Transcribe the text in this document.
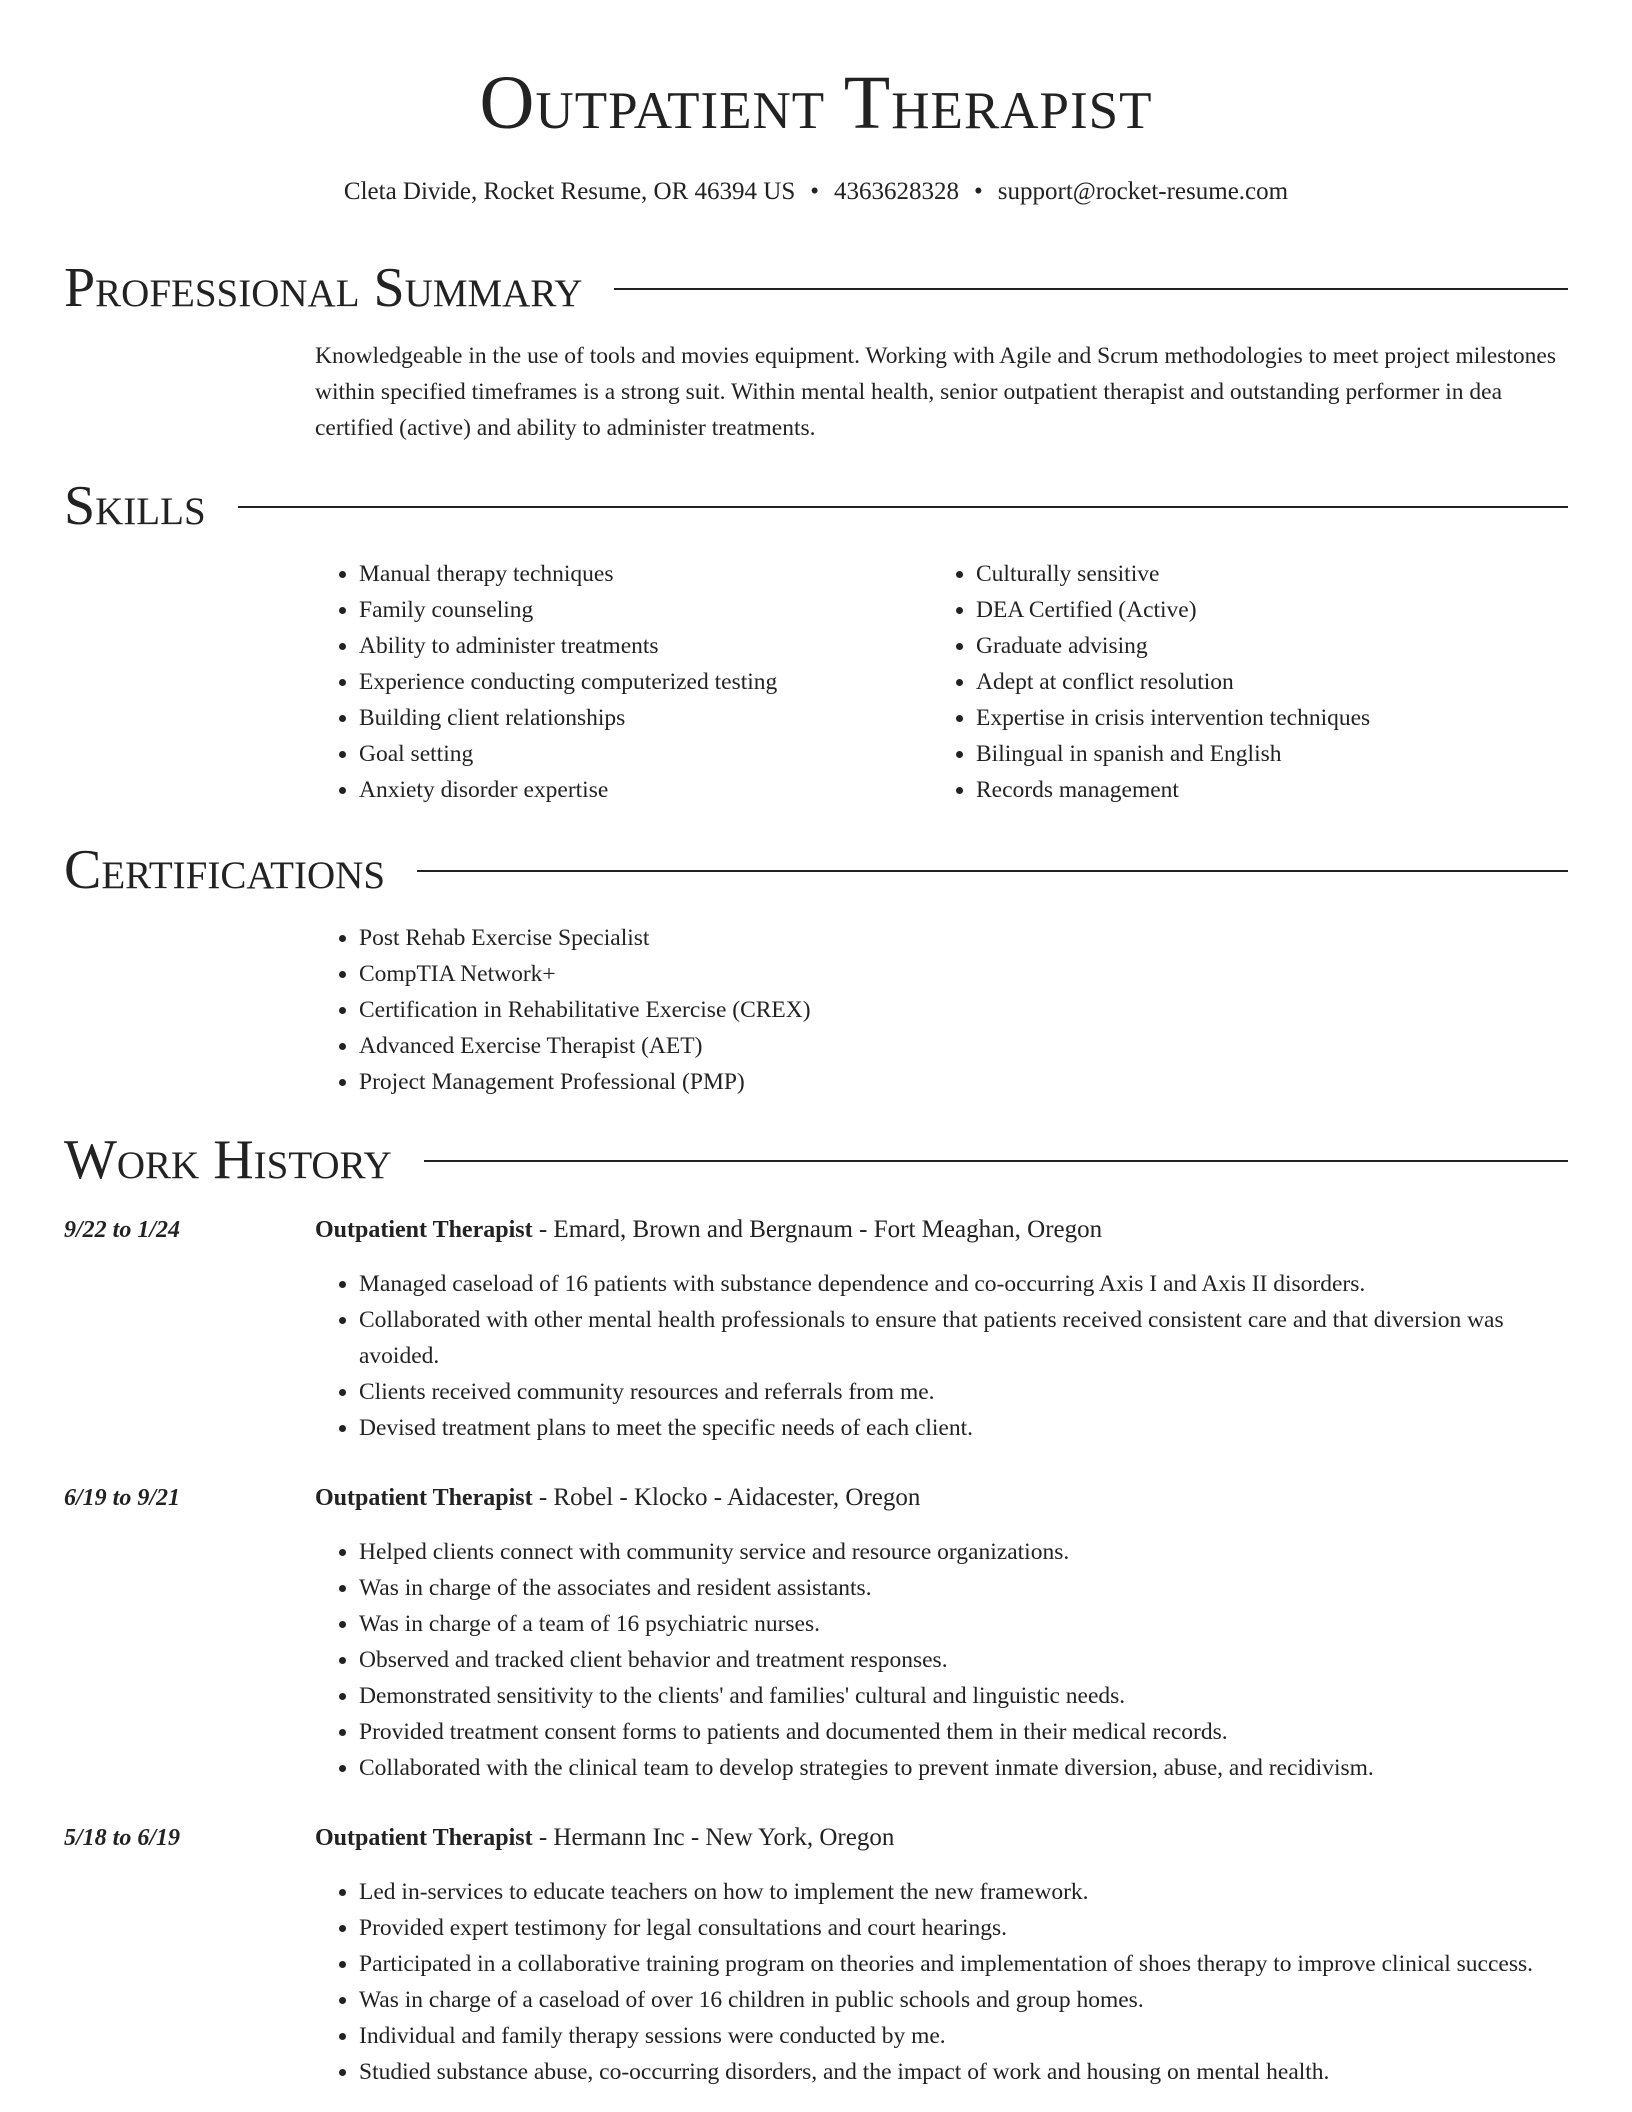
Outpatient Therapist
Cleta Divide, Rocket Resume, OR 46394 US • 4363628328 • support@rocket-resume.com
Professional Summary

Knowledgeable in the use of tools and movies equipment. Working with Agile and Scrum methodologies to meet project milestones within specified timeframes is a strong suit. Within mental health, senior outpatient therapist and outstanding performer in dea certified (active) and ability to administer treatments.

Skills
• Manual therapy techniques
• Family counseling
• Ability to administer treatments
• Experience conducting computerized testing
• Building client relationships
• Goal setting
• Anxiety disorder expertise
• Culturally sensitive
• DEA Certified (Active)
• Graduate advising
• Adept at conflict resolution
• Expertise in crisis intervention techniques
• Bilingual in spanish and English
• Records management
Certifications
• Post Rehab Exercise Specialist
• CompTIA Network+
• Certification in Rehabilitative Exercise (CREX)
• Advanced Exercise Therapist (AET)
• Project Management Professional (PMP)
Work History
9/22 to 1/24	Outpatient Therapist - Emard, Brown and Bergnaum - Fort Meaghan, Oregon
• Managed caseload of 16 patients with substance dependence and co-occurring Axis I and Axis II disorders.
• Collaborated with other mental health professionals to ensure that patients received consistent care and that diversion was avoided.
• Clients received community resources and referrals from me.
• Devised treatment plans to meet the specific needs of each client.
6/19 to 9/21	Outpatient Therapist - Robel - Klocko - Aidacester, Oregon
• Helped clients connect with community service and resource organizations.
• Was in charge of the associates and resident assistants.
• Was in charge of a team of 16 psychiatric nurses.
• Observed and tracked client behavior and treatment responses.
• Demonstrated sensitivity to the clients' and families' cultural and linguistic needs.
• Provided treatment consent forms to patients and documented them in their medical records.
• Collaborated with the clinical team to develop strategies to prevent inmate diversion, abuse, and recidivism.
5/18 to 6/19	Outpatient Therapist - Hermann Inc - New York, Oregon
• Led in-services to educate teachers on how to implement the new framework.
• Provided expert testimony for legal consultations and court hearings.
• Participated in a collaborative training program on theories and implementation of shoes therapy to improve clinical success.
• Was in charge of a caseload of over 16 children in public schools and group homes.
• Individual and family therapy sessions were conducted by me.
• Studied substance abuse, co-occurring disorders, and the impact of work and housing on mental health.
